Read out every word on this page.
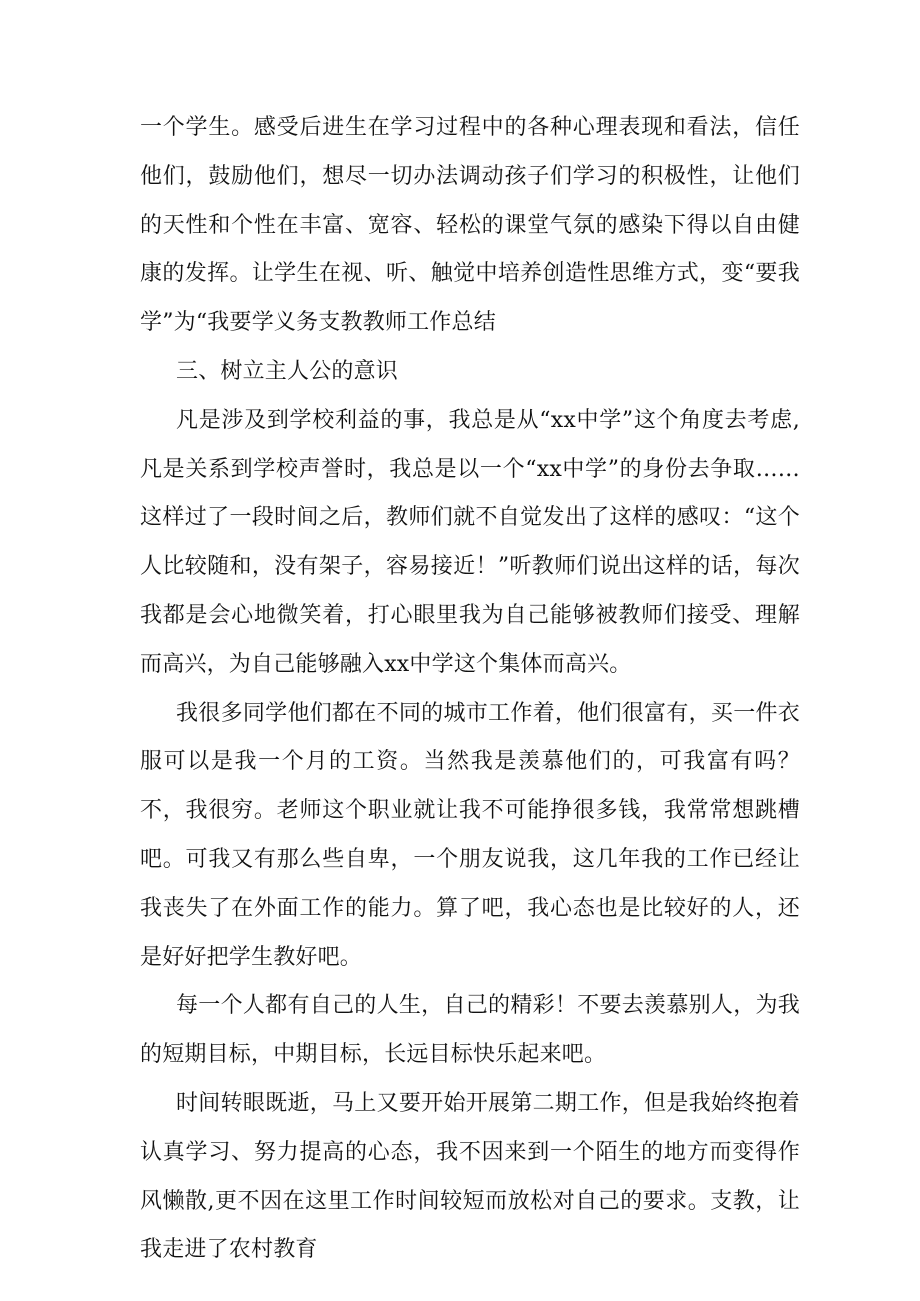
一个学生。感受后进生在学习过程中的各种心理表现和看法，信任他们，鼓励他们，想尽一切办法调动孩子们学习的积极性，让他们的天性和个性在丰富、宽容、轻松的课堂气氛的感染下得以自由健康的发挥。让学生在视、听、触觉中培养创造性思维方式，变“要我学”为“我要学义务支教教师工作总结

三、树立主人公的意识

凡是涉及到学校利益的事，我总是从“xx中学”这个角度去考虑,凡是关系到学校声誉时，我总是以一个“xx中学”的身份去争取……这样过了一段时间之后，教师们就不自觉发出了这样的感叹：“这个人比较随和，没有架子，容易接近！”听教师们说出这样的话，每次我都是会心地微笑着，打心眼里我为自己能够被教师们接受、理解而高兴，为自己能够融入xx中学这个集体而高兴。

我很多同学他们都在不同的城市工作着，他们很富有，买一件衣服可以是我一个月的工资。当然我是羡慕他们的，可我富有吗？不，我很穷。老师这个职业就让我不可能挣很多钱，我常常想跳槽吧。可我又有那么些自卑，一个朋友说我，这几年我的工作已经让我丧失了在外面工作的能力。算了吧，我心态也是比较好的人，还是好好把学生教好吧。

每一个人都有自己的人生，自己的精彩！不要去羡慕别人，为我的短期目标，中期目标，长远目标快乐起来吧。

时间转眼既逝，马上又要开始开展第二期工作，但是我始终抱着认真学习、努力提高的心态，我不因来到一个陌生的地方而变得作风懒散,更不因在这里工作时间较短而放松对自己的要求。支教，让我走进了农村教育
